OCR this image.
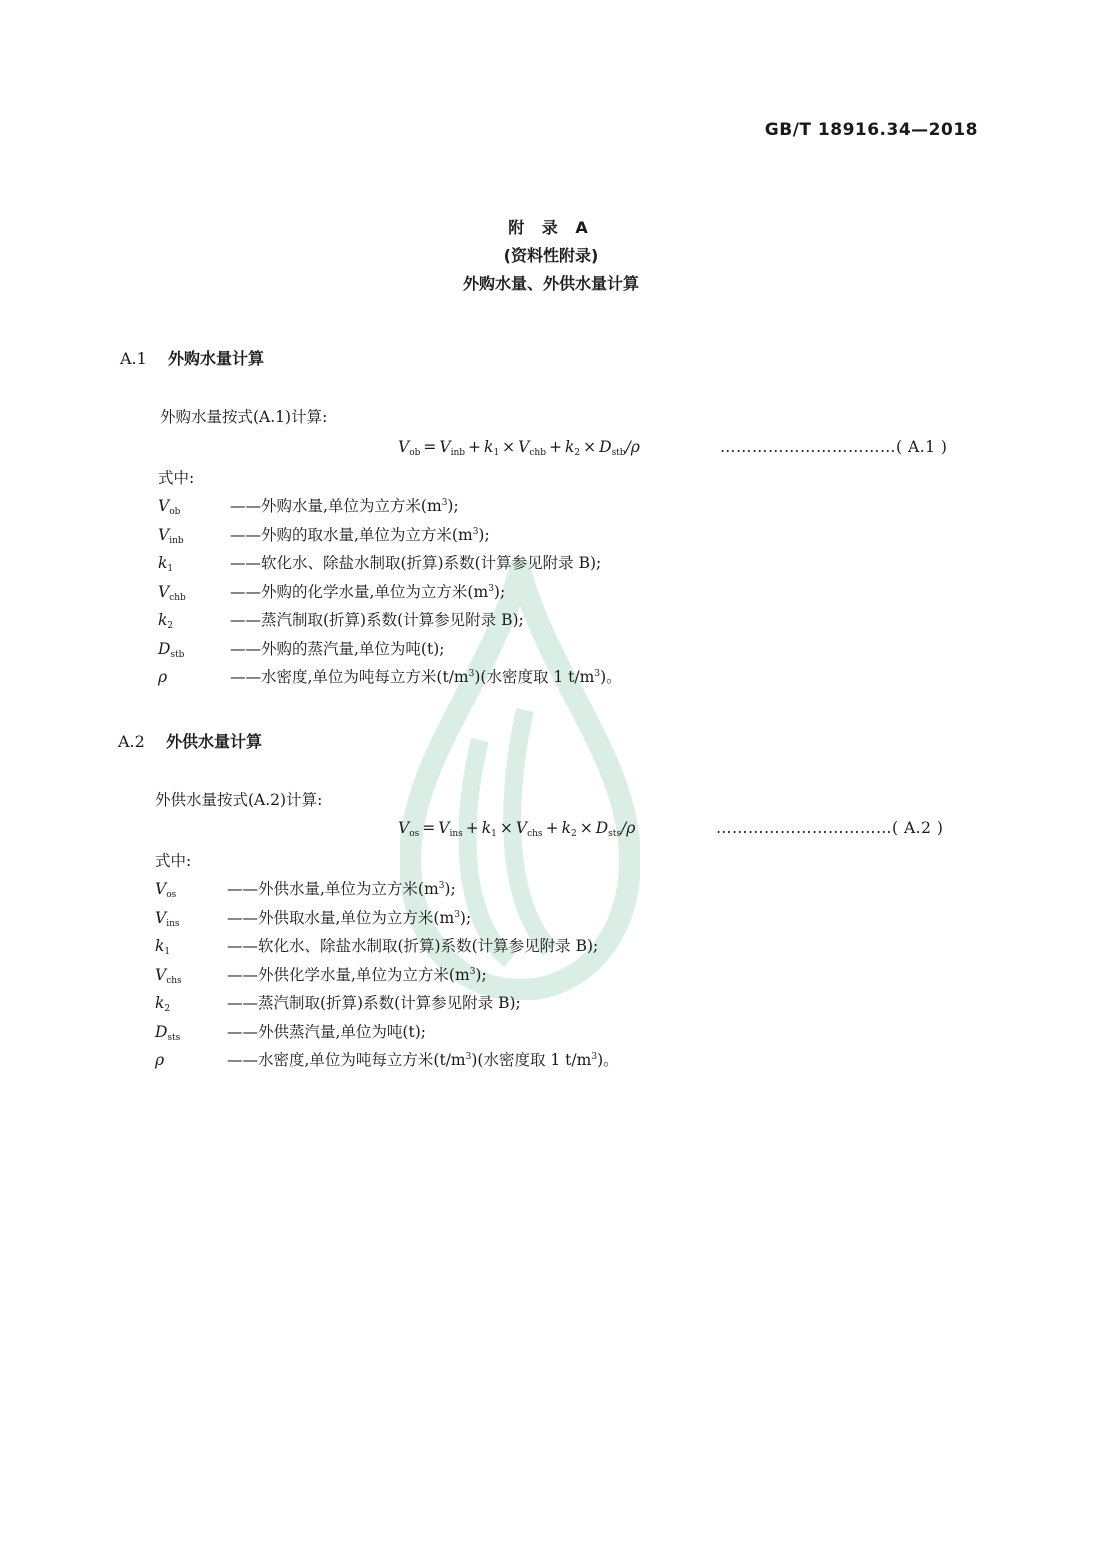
GB/T 18916.34—2018
附 录 A
(资料性附录)
外购水量、外供水量计算
A.1 外购水量计算
外购水量按式(A.1)计算:
$V_{ob} = V_{inb} + k_1 \times V_{chb} + k_2 \times D_{stb}/\rho$	……………………………( A.1 )
式中:
$V_{ob}$	——外购水量,单位为立方米$(m^3)$;
$V_{inb}$	——外购的取水量,单位为立方米$(m^3)$;
$k_1$	——软化水、除盐水制取(折算)系数(计算参见附录 B);
$V_{chb}$	——外购的化学水量,单位为立方米$(m^3)$;
$k_2$	——蒸汽制取(折算)系数(计算参见附录 B);
$D_{stb}$	——外购的蒸汽量,单位为吨(t);
ρ	——水密度,单位为吨每立方米$(t/m^3)$(水密度取 1 $t/m^3$)。
A.2 外供水量计算
外供水量按式(A.2)计算:
$V_{os} = V_{ins} + k_1 \times V_{chs} + k_2 \times D_{sts}/\rho$	……………………………( A.2 )
式中:
$V_{os}$	——外供水量,单位为立方米$(m^3)$;
$V_{ins}$	——外供取水量,单位为立方米$(m^3)$;
$k_1$	——软化水、除盐水制取(折算)系数(计算参见附录 B);
$V_{chs}$	——外供化学水量,单位为立方米$(m^3)$;
$k_2$	——蒸汽制取(折算)系数(计算参见附录 B);
$D_{sts}$	——外供蒸汽量,单位为吨(t);
ρ	——水密度,单位为吨每立方米$(t/m^3)$(水密度取 1 $t/m^3$)。
